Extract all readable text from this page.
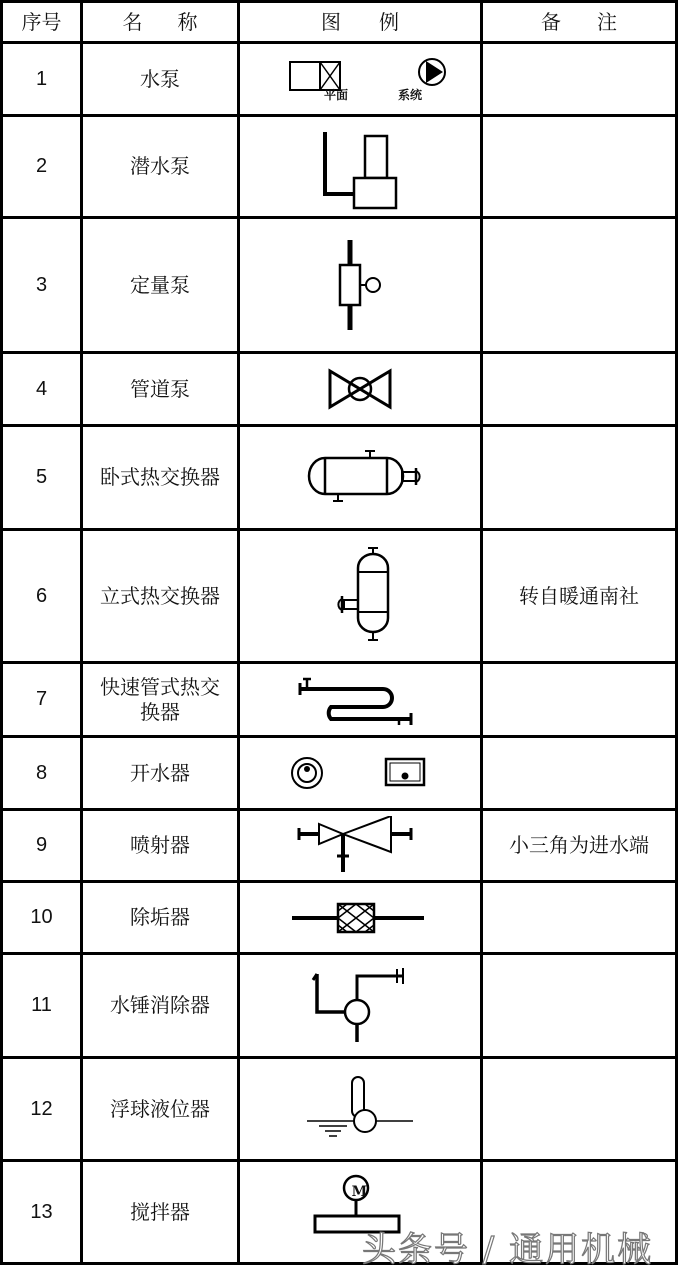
序号	名 称	图 例	备 注

1	水泵	平面 系统	

2	潜水泵	

3	定量泵	

4	管道泵	

5	卧式热交换器	

6	立式热交换器		转自暖通南社
7	快速管式热交
换器

8	开水器	

9	喷射器		小三角为进水端
10	除垢器	

11	水锤消除器	

12	浮球液位器	

13	搅拌器	M	

头条号 / 通用机械
